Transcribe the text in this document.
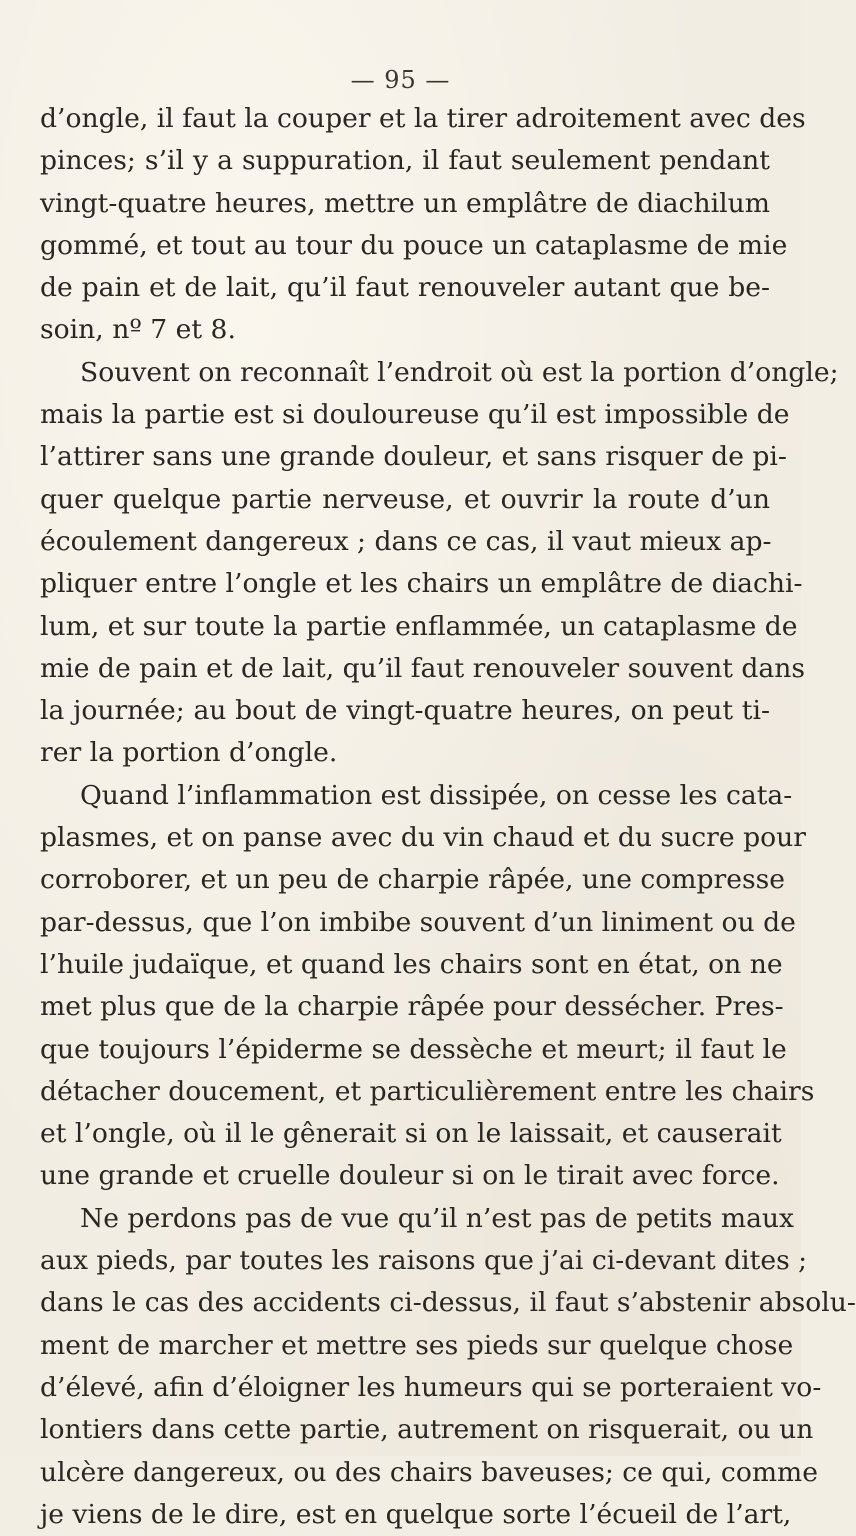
— 95 —
d’ongle, il faut la couper et la tirer adroitement avec des
pinces; s’il y a suppuration, il faut seulement pendant
vingt-quatre heures, mettre un emplâtre de diachilum
gommé, et tout au tour du pouce un cataplasme de mie
de pain et de lait, qu’il faut renouveler autant que be-
soin, nº 7 et 8.
Souvent on reconnaît l’endroit où est la portion d’ongle;
mais la partie est si douloureuse qu’il est impossible de
l’attirer sans une grande douleur, et sans risquer de pi-
quer quelque partie nerveuse, et ouvrir la route d’un
écoulement dangereux ; dans ce cas, il vaut mieux ap-
pliquer entre l’ongle et les chairs un emplâtre de diachi-
lum, et sur toute la partie enflammée, un cataplasme de
mie de pain et de lait, qu’il faut renouveler souvent dans
la journée; au bout de vingt-quatre heures, on peut ti-
rer la portion d’ongle.
Quand l’inflammation est dissipée, on cesse les cata-
plasmes, et on panse avec du vin chaud et du sucre pour
corroborer, et un peu de charpie râpée, une compresse
par-dessus, que l’on imbibe souvent d’un liniment ou de
l’huile judaïque, et quand les chairs sont en état, on ne
met plus que de la charpie râpée pour dessécher. Pres-
que toujours l’épiderme se dessèche et meurt; il faut le
détacher doucement, et particulièrement entre les chairs
et l’ongle, où il le gênerait si on le laissait, et causerait
une grande et cruelle douleur si on le tirait avec force.
Ne perdons pas de vue qu’il n’est pas de petits maux
aux pieds, par toutes les raisons que j’ai ci-devant dites ;
dans le cas des accidents ci-dessus, il faut s’abstenir absolu-
ment de marcher et mettre ses pieds sur quelque chose
d’élevé, afin d’éloigner les humeurs qui se porteraient vo-
lontiers dans cette partie, autrement on risquerait, ou un
ulcère dangereux, ou des chairs baveuses; ce qui, comme
je viens de le dire, est en quelque sorte l’écueil de l’art,
